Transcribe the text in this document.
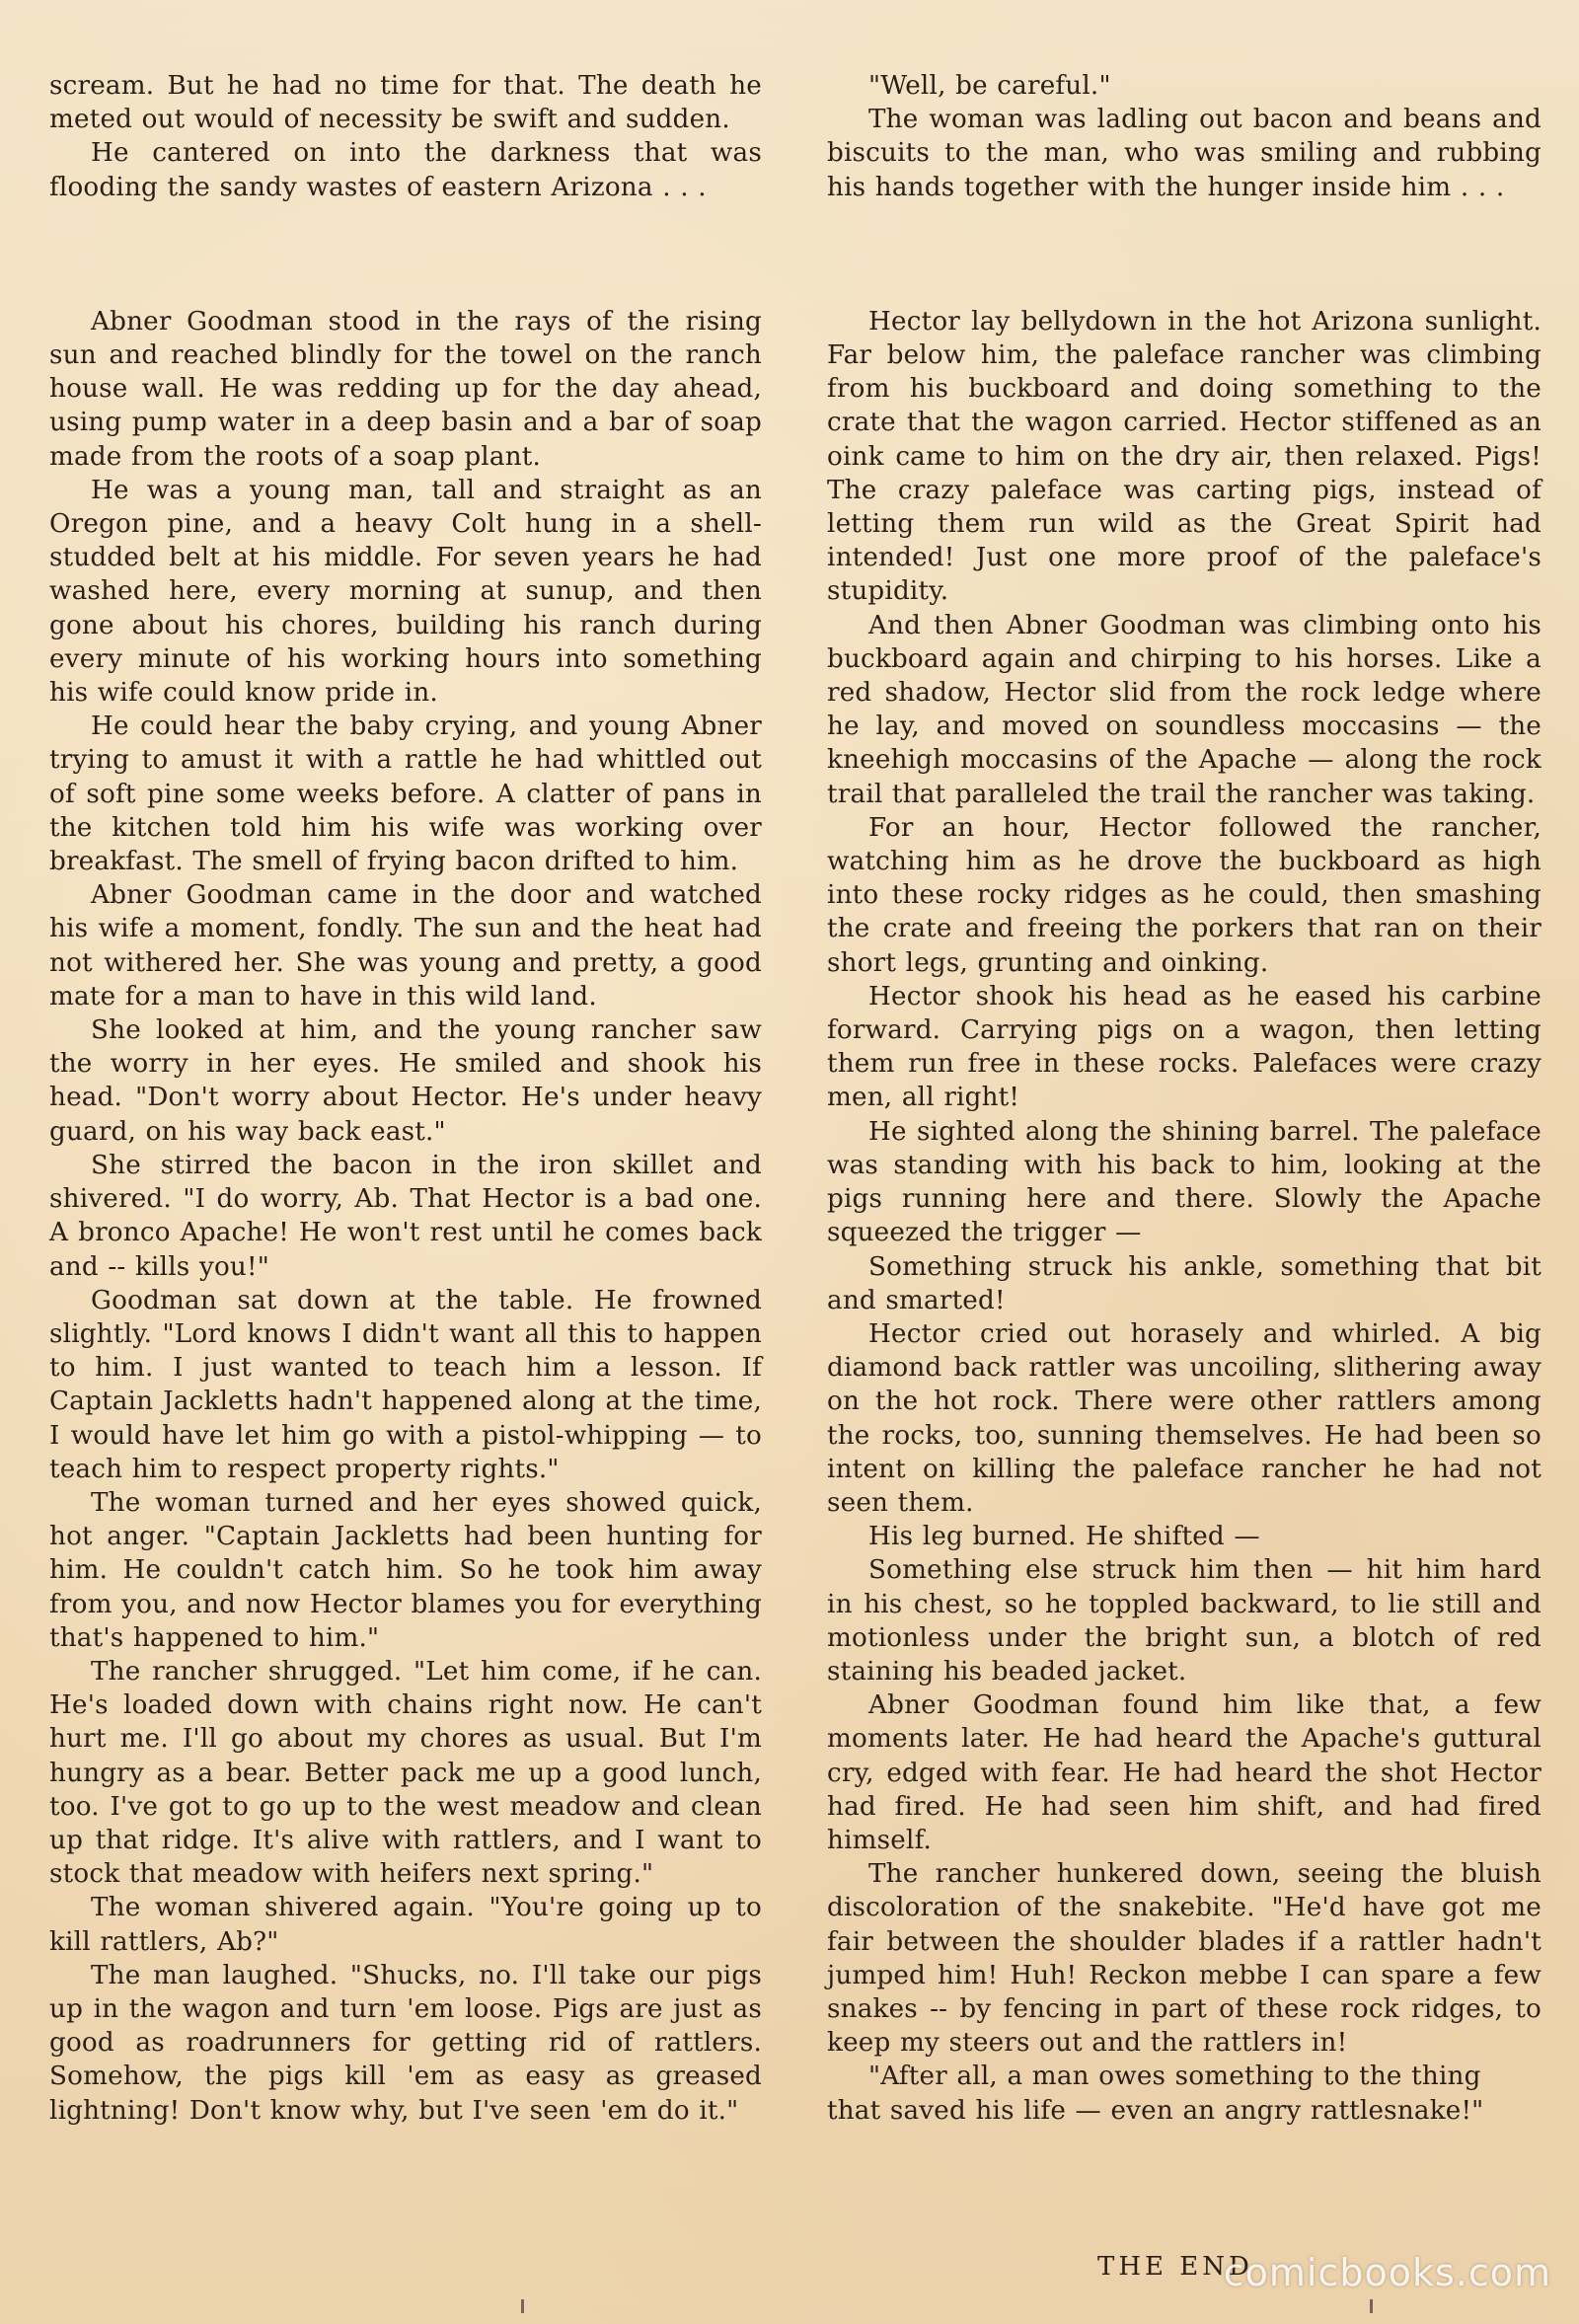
scream. But he had no time for that. The death he meted out would of necessity be swift and sudden.

He cantered on into the darkness that was flooding the sandy wastes of eastern Arizona . . .

Abner Goodman stood in the rays of the rising sun and reached blindly for the towel on the ranch house wall. He was redding up for the day ahead, using pump water in a deep basin and a bar of soap made from the roots of a soap plant.

He was a young man, tall and straight as an Oregon pine, and a heavy Colt hung in a shell-studded belt at his middle. For seven years he had washed here, every morning at sunup, and then gone about his chores, building his ranch during every minute of his working hours into something his wife could know pride in.

He could hear the baby crying, and young Abner trying to amust it with a rattle he had whittled out of soft pine some weeks before. A clatter of pans in the kitchen told him his wife was working over breakfast. The smell of frying bacon drifted to him.

Abner Goodman came in the door and watched his wife a moment, fondly. The sun and the heat had not withered her. She was young and pretty, a good mate for a man to have in this wild land.

She looked at him, and the young rancher saw the worry in her eyes. He smiled and shook his head. "Don't worry about Hector. He's under heavy guard, on his way back east."

She stirred the bacon in the iron skillet and shivered. "I do worry, Ab. That Hector is a bad one. A bronco Apache! He won't rest until he comes back and -- kills you!"

Goodman sat down at the table. He frowned slightly. "Lord knows I didn't want all this to happen to him. I just wanted to teach him a lesson. If Captain Jackletts hadn't happened along at the time, I would have let him go with a pistol-whipping — to teach him to respect property rights."

The woman turned and her eyes showed quick, hot anger. "Captain Jackletts had been hunting for him. He couldn't catch him. So he took him away from you, and now Hector blames you for everything that's happened to him."

The rancher shrugged. "Let him come, if he can. He's loaded down with chains right now. He can't hurt me. I'll go about my chores as usual. But I'm hungry as a bear. Better pack me up a good lunch, too. I've got to go up to the west meadow and clean up that ridge. It's alive with rattlers, and I want to stock that meadow with heifers next spring."

The woman shivered again. "You're going up to kill rattlers, Ab?"

The man laughed. "Shucks, no. I'll take our pigs up in the wagon and turn 'em loose. Pigs are just as good as roadrunners for getting rid of rattlers. Somehow, the pigs kill 'em as easy as greased lightning! Don't know why, but I've seen 'em do it."

"Well, be careful."

The woman was ladling out bacon and beans and biscuits to the man, who was smiling and rubbing his hands together with the hunger inside him . . .

Hector lay bellydown in the hot Arizona sunlight. Far below him, the paleface rancher was climbing from his buckboard and doing something to the crate that the wagon carried. Hector stiffened as an oink came to him on the dry air, then relaxed. Pigs! The crazy paleface was carting pigs, instead of letting them run wild as the Great Spirit had intended! Just one more proof of the paleface's stupidity.

And then Abner Goodman was climbing onto his buckboard again and chirping to his horses. Like a red shadow, Hector slid from the rock ledge where he lay, and moved on soundless moccasins — the kneehigh moccasins of the Apache — along the rock trail that paralleled the trail the rancher was taking.

For an hour, Hector followed the rancher, watching him as he drove the buckboard as high into these rocky ridges as he could, then smashing the crate and freeing the porkers that ran on their short legs, grunting and oinking.

Hector shook his head as he eased his carbine forward. Carrying pigs on a wagon, then letting them run free in these rocks. Palefaces were crazy men, all right!

He sighted along the shining barrel. The paleface was standing with his back to him, looking at the pigs running here and there. Slowly the Apache squeezed the trigger —

Something struck his ankle, something that bit and smarted!

Hector cried out horasely and whirled. A big diamond back rattler was uncoiling, slithering away on the hot rock. There were other rattlers among the rocks, too, sunning themselves. He had been so intent on killing the paleface rancher he had not seen them.

His leg burned. He shifted —

Something else struck him then — hit him hard in his chest, so he toppled backward, to lie still and motionless under the bright sun, a blotch of red staining his beaded jacket.

Abner Goodman found him like that, a few moments later. He had heard the Apache's guttural cry, edged with fear. He had heard the shot Hector had fired. He had seen him shift, and had fired himself.

The rancher hunkered down, seeing the bluish discoloration of the snakebite. "He'd have got me fair between the shoulder blades if a rattler hadn't jumped him! Huh! Reckon mebbe I can spare a few snakes -- by fencing in part of these rock ridges, to keep my steers out and the rattlers in!

"After all, a man owes something to the thing that saved his life — even an angry rattlesnake!"

THE END
comicbooks.com
